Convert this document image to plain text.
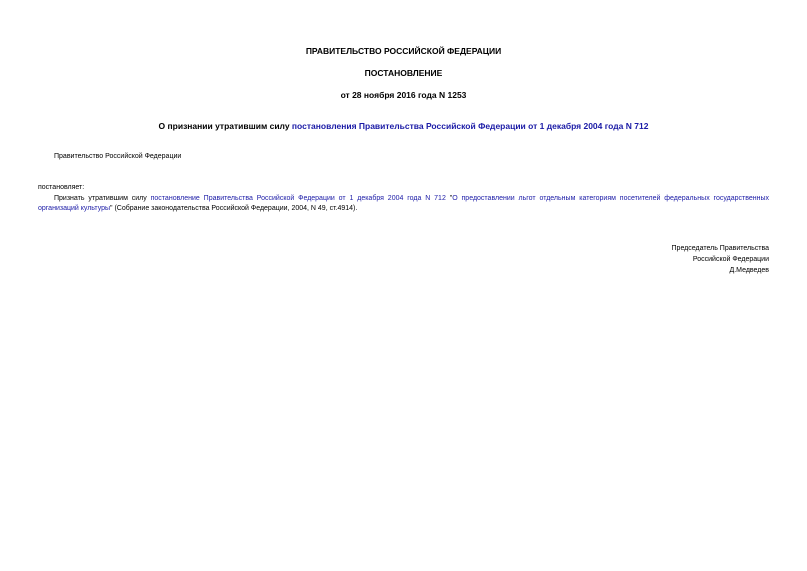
ПРАВИТЕЛЬСТВО РОССИЙСКОЙ ФЕДЕРАЦИИ
ПОСТАНОВЛЕНИЕ
от 28 ноября 2016 года N 1253
О признании утратившим силу постановления Правительства Российской Федерации от 1 декабря 2004 года N 712
Правительство Российской Федерации
постановляет:
Признать утратившим силу постановление Правительства Российской Федерации от 1 декабря 2004 года N 712 "О предоставлении льгот отдельным категориям посетителей федеральных государственных организаций культуры" (Собрание законодательства Российской Федерации, 2004, N 49, ст.4914).
Председатель Правительства
Российской Федерации
Д.Медведев
